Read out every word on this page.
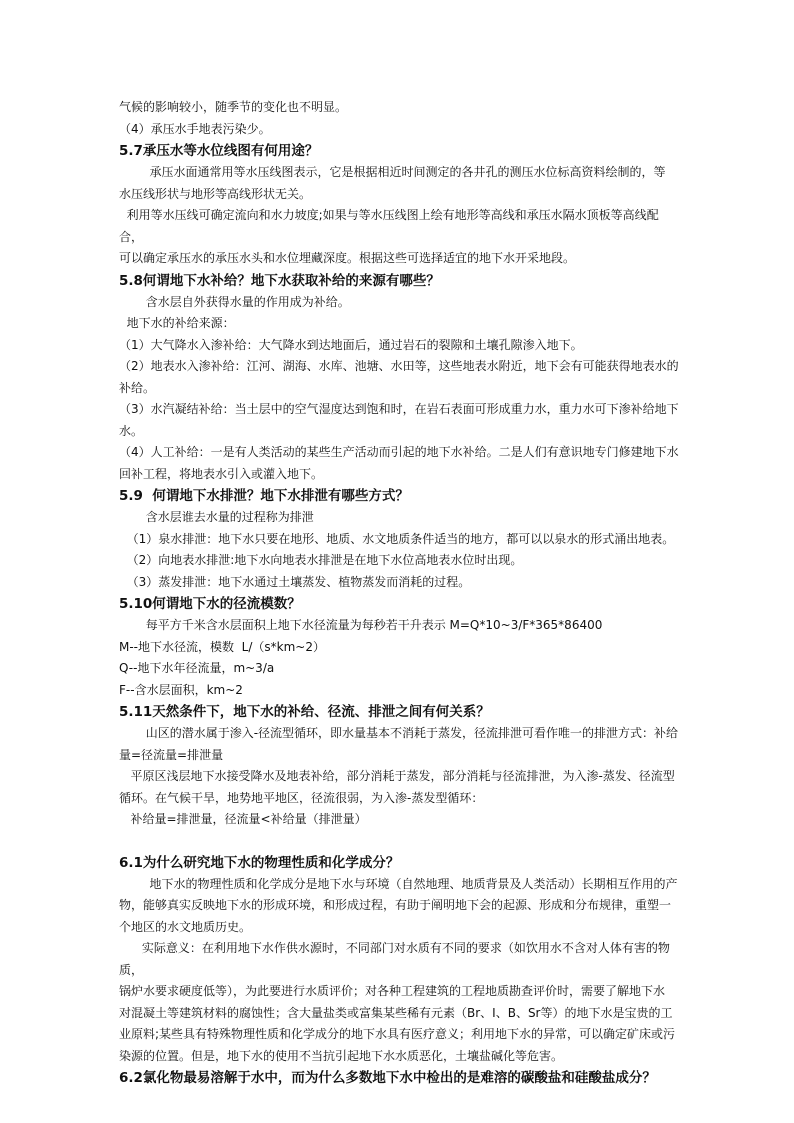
气候的影响较小，随季节的变化也不明显。

（4）承压水手地表污染少。

5.7承压水等水位线图有何用途？

承压水面通常用等水压线图表示，它是根据相近时间测定的各井孔的测压水位标高资料绘制的，等

水压线形状与地形等高线形状无关。

利用等水压线可确定流向和水力坡度;如果与等水压线图上绘有地形等高线和承压水隔水顶板等高线配合，

可以确定承压水的承压水头和水位埋藏深度。根据这些可选择适宜的地下水开采地段。

5.8何谓地下水补给？地下水获取补给的来源有哪些？

含水层自外获得水量的作用成为补给。

地下水的补给来源：

（1）大气降水入渗补给：大气降水到达地面后，通过岩石的裂隙和土壤孔隙渗入地下。

（2）地表水入渗补给：江河、湖海、水库、池塘、水田等，这些地表水附近，地下会有可能获得地表水的

补给。

（3）水汽凝结补给：当土层中的空气湿度达到饱和时，在岩石表面可形成重力水，重力水可下渗补给地下

水。

（4）人工补给：一是有人类活动的某些生产活动而引起的地下水补给。二是人们有意识地专门修建地下水

回补工程，将地表水引入或灌入地下。

5.9  何谓地下水排泄？地下水排泄有哪些方式？

含水层谁去水量的过程称为排泄

（1）泉水排泄：地下水只要在地形、地质、水文地质条件适当的地方，都可以以泉水的形式涌出地表。

（2）向地表水排泄:地下水向地表水排泄是在地下水位高地表水位时出现。

（3）蒸发排泄：地下水通过土壤蒸发、植物蒸发而消耗的过程。

5.10何谓地下水的径流模数？

每平方千米含水层面积上地下水径流量为每秒若干升表示 M=Q*10~3/F*365*86400

M--地下水径流，模数  L/（s*km~2）

Q--地下水年径流量，m~3/a

F--含水层面积，km~2

5.11天然条件下，地下水的补给、径流、排泄之间有何关系？

山区的潜水属于渗入-径流型循环，即水量基本不消耗于蒸发，径流排泄可看作唯一的排泄方式：补给

量=径流量=排泄量

平原区浅层地下水接受降水及地表补给，部分消耗于蒸发，部分消耗与径流排泄，为入渗-蒸发、径流型

循环。在气候干旱，地势地平地区，径流很弱，为入渗-蒸发型循环：

补给量=排泄量，径流量<补给量（排泄量）

6.1为什么研究地下水的物理性质和化学成分？

地下水的物理性质和化学成分是地下水与环境（自然地理、地质背景及人类活动）长期相互作用的产

物，能够真实反映地下水的形成环境，和形成过程，有助于阐明地下会的起源、形成和分布规律，重塑一

个地区的水文地质历史。

实际意义：在利用地下水作供水源时，不同部门对水质有不同的要求（如饮用水不含对人体有害的物质，

锅炉水要求硬度低等），为此要进行水质评价；对各种工程建筑的工程地质勘查评价时，需要了解地下水

对混凝土等建筑材料的腐蚀性；含大量盐类或富集某些稀有元素（Br、I、B、Sr等）的地下水是宝贵的工

业原料;某些具有特殊物理性质和化学成分的地下水具有医疗意义；利用地下水的异常，可以确定矿床或污

染源的位置。但是，地下水的使用不当抗引起地下水水质恶化，土壤盐碱化等危害。

6.2氯化物最易溶解于水中，而为什么多数地下水中检出的是难溶的碳酸盐和硅酸盐成分？
